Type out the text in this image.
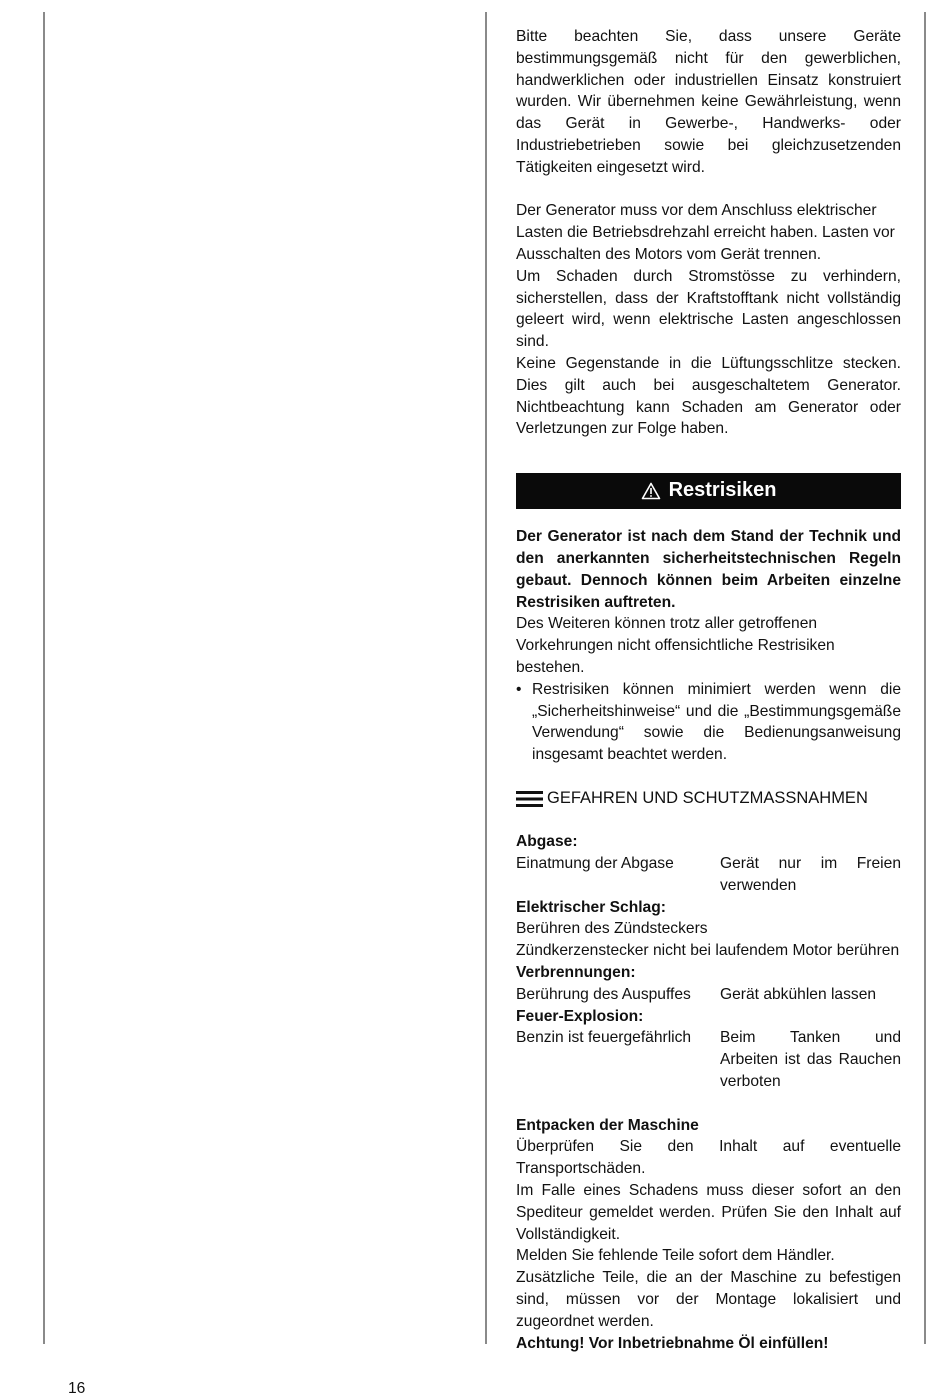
Bitte beachten Sie, dass unsere Geräte bestimmungsgemäß nicht für den gewerblichen, handwerklichen oder industriellen Einsatz konstruiert wurden. Wir übernehmen keine Gewährleistung, wenn das Gerät in Gewerbe-, Handwerks- oder Industriebetrieben sowie bei gleichzusetzenden Tätigkeiten eingesetzt wird.

Der Generator muss vor dem Anschluss elektrischer Lasten die Betriebsdrehzahl erreicht haben. Lasten vor Ausschalten des Motors vom Gerät trennen.

Um Schaden durch Stromstösse zu verhindern, sicherstellen, dass der Kraftstofftank nicht vollständig geleert wird, wenn elektrische Lasten angeschlossen sind.

Keine Gegenstande in die Lüftungsschlitze stecken. Dies gilt auch bei ausgeschaltetem Generator. Nichtbeachtung kann Schaden am Generator oder Verletzungen zur Folge haben.

Restrisiken

Der Generator ist nach dem Stand der Technik und den anerkannten sicherheitstechnischen Regeln gebaut. Dennoch können beim Arbeiten einzelne Restrisiken auftreten.

Des Weiteren können trotz aller getroffenen Vorkehrungen nicht offensichtliche Restrisiken bestehen.

• Restrisiken können minimiert werden wenn die „Sicherheitshinweise“ und die „Bestimmungsgemäße Verwendung“ sowie die Bedienungsanweisung insgesamt beachtet werden.
GEFAHREN UND SCHUTZMASSNAHMEN

Abgase:

Einatmung der Abgase	Gerät nur im Freien verwenden

Elektrischer Schlag:

Berühren des Zündsteckers

Zündkerzenstecker nicht bei laufendem Motor berühren

Verbrennungen:

Berührung des Auspuffes	Gerät abkühlen lassen

Feuer-Explosion:

Benzin ist feuergefährlich	Beim Tanken und Arbeiten ist das Rauchen verboten

Entpacken der Maschine

Überprüfen Sie den Inhalt auf eventuelle Transportschäden.

Im Falle eines Schadens muss dieser sofort an den Spediteur gemeldet werden. Prüfen Sie den Inhalt auf Vollständigkeit.

Melden Sie fehlende Teile sofort dem Händler.

Zusätzliche Teile, die an der Maschine zu befestigen sind, müssen vor der Montage lokalisiert und zugeordnet werden.

Achtung! Vor Inbetriebnahme Öl einfüllen!

16
